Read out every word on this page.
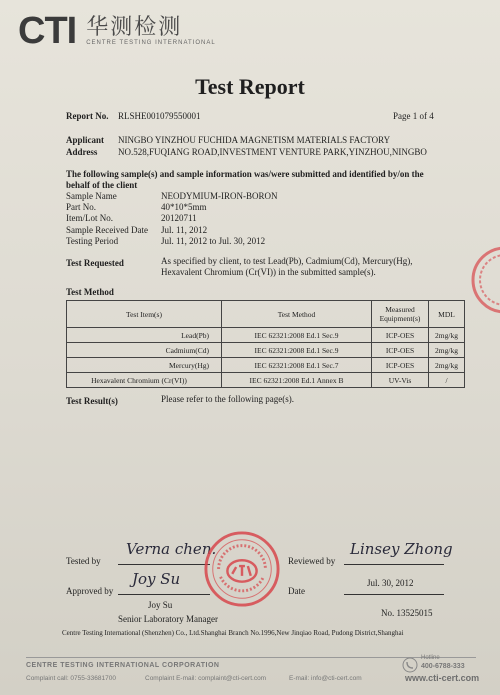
CTI 华测检测
CENTRE TESTING INTERNATIONAL
Test Report
Report No. RLSHE001079550001	Page 1 of 4
Applicant NINGBO YINZHOU FUCHIDA MAGNETISM MATERIALS FACTORY
Address NO.528,FUQIANG ROAD,INVESTMENT VENTURE PARK,YINZHOU,NINGBO
The following sample(s) and sample information was/were submitted and identified by/on the
behalf of the client
Sample Name	NEODYMIUM-IRON-BORON
Part No.	40*10*5mm
Item/Lot No.	20120711
Sample Received Date Jul. 11, 2012
Testing Period	Jul. 11, 2012 to Jul. 30, 2012
Test Requested	As specified by client, to test Lead(Pb), Cadmium(Cd), Mercury(Hg),
Hexavalent Chromium (Cr(VI)) in the submitted sample(s).
Test Method
Test Item(s)	Test Method	Measured Equipment(s)	MDL
Lead(Pb)	IEC 62321:2008 Ed.1 Sec.9	ICP-OES	2mg/kg
Cadmium(Cd)	IEC 62321:2008 Ed.1 Sec.9	ICP-OES	2mg/kg
Mercury(Hg)	IEC 62321:2008 Ed.1 Sec.7	ICP-OES	2mg/kg
Hexavalent Chromium (Cr(VI))	IEC 62321:2008 Ed.1 Annex B	UV-Vis	/
Test Result(s)	Please refer to the following page(s).
Tested by
Verna chen.
Reviewed by
Linsey Zhong
Approved by
Joy Su
Date
Jul. 30, 2012
Joy Su
Senior Laboratory Manager
No. 13525015
Centre Testing International (Shenzhen) Co., Ltd.Shanghai Branch No.1996,New Jinqiao Road, Pudong District,Shanghai
CENTRE TESTING INTERNATIONAL CORPORATION
Complaint call: 0755-33681700	Complaint E-mail: complaint@cti-cert.com	E-mail: info@cti-cert.com
Hotline
400-6788-333
www.cti-cert.com
